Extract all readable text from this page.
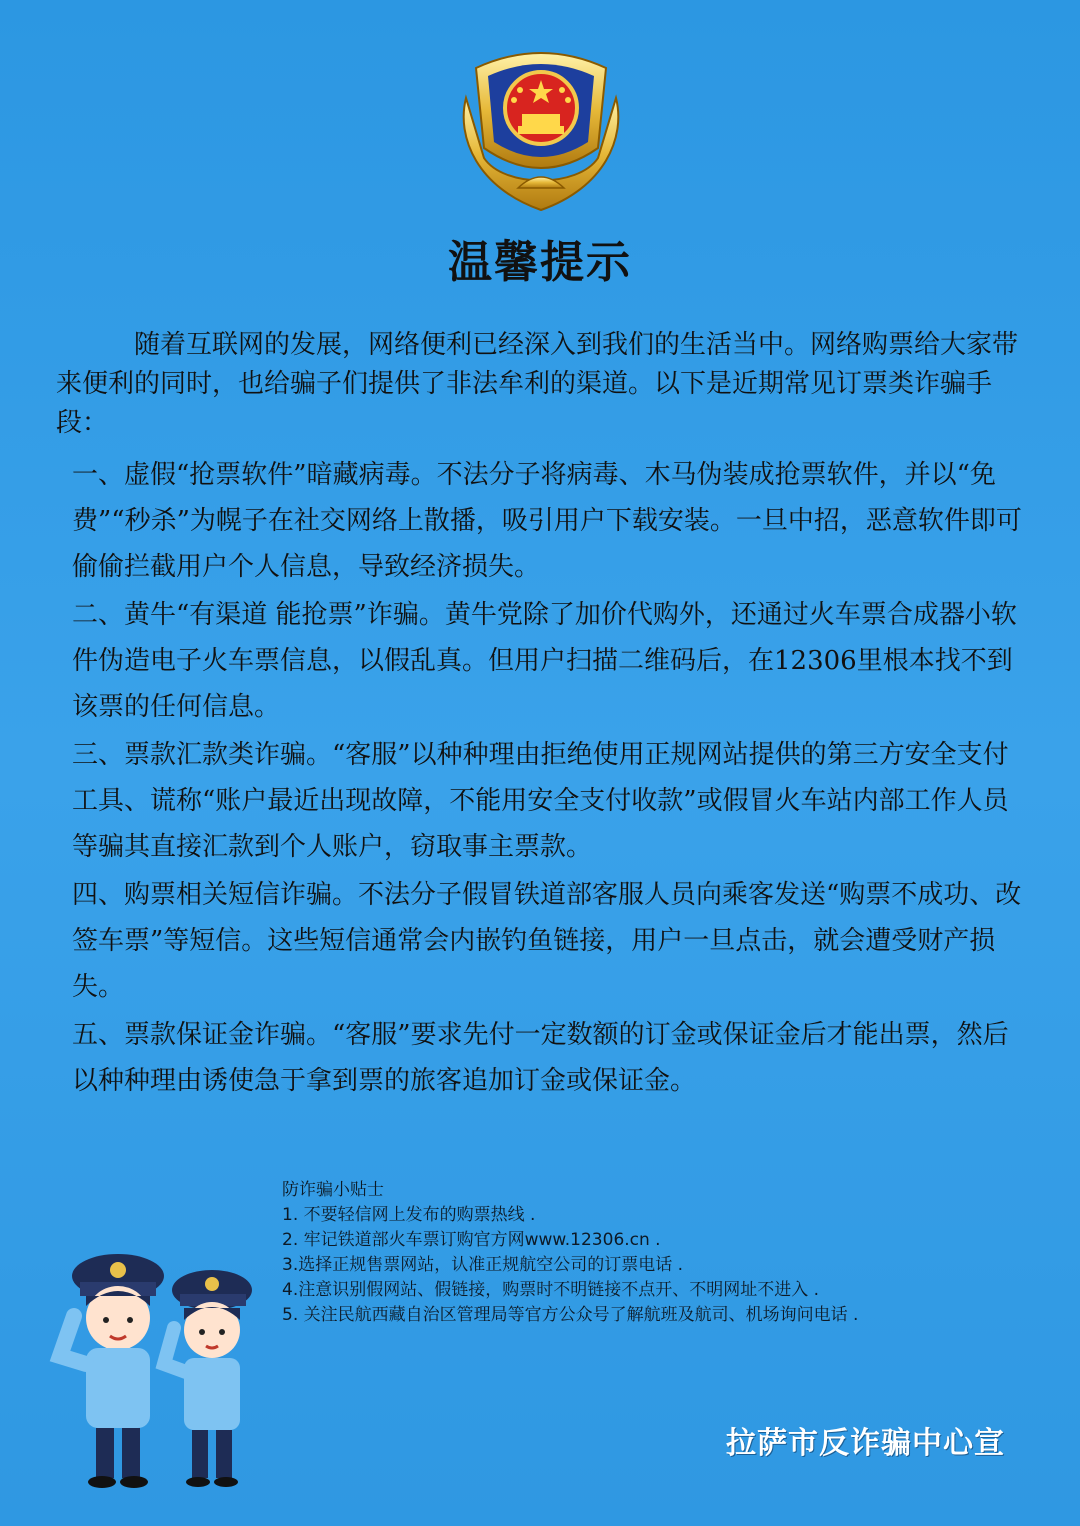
温馨提示
随着互联网的发展，网络便利已经深入到我们的生活当中。网络购票给大家带来便利的同时，也给骗子们提供了非法牟利的渠道。以下是近期常见订票类诈骗手段：
一、虚假“抢票软件”暗藏病毒。不法分子将病毒、木马伪装成抢票软件，并以“免费”“秒杀”为幌子在社交网络上散播，吸引用户下载安装。一旦中招，恶意软件即可偷偷拦截用户个人信息，导致经济损失。
二、黄牛“有渠道 能抢票”诈骗。黄牛党除了加价代购外，还通过火车票合成器小软件伪造电子火车票信息，以假乱真。但用户扫描二维码后，在12306里根本找不到该票的任何信息。
三、票款汇款类诈骗。“客服”以种种理由拒绝使用正规网站提供的第三方安全支付工具、谎称“账户最近出现故障，不能用安全支付收款”或假冒火车站内部工作人员等骗其直接汇款到个人账户，窃取事主票款。
四、购票相关短信诈骗。不法分子假冒铁道部客服人员向乘客发送“购票不成功、改签车票”等短信。这些短信通常会内嵌钓鱼链接，用户一旦点击，就会遭受财产损失。
五、票款保证金诈骗。“客服”要求先付一定数额的订金或保证金后才能出票，然后以种种理由诱使急于拿到票的旅客追加订金或保证金。
防诈骗小贴士
1. 不要轻信网上发布的购票热线 .
2. 牢记铁道部火车票订购官方网www.12306.cn .
3.选择正规售票网站，认准正规航空公司的订票电话 .
4.注意识别假网站、假链接，购票时不明链接不点开、不明网址不进入 .
5. 关注民航西藏自治区管理局等官方公众号了解航班及航司、机场询问电话 .
拉萨市反诈骗中心宣
